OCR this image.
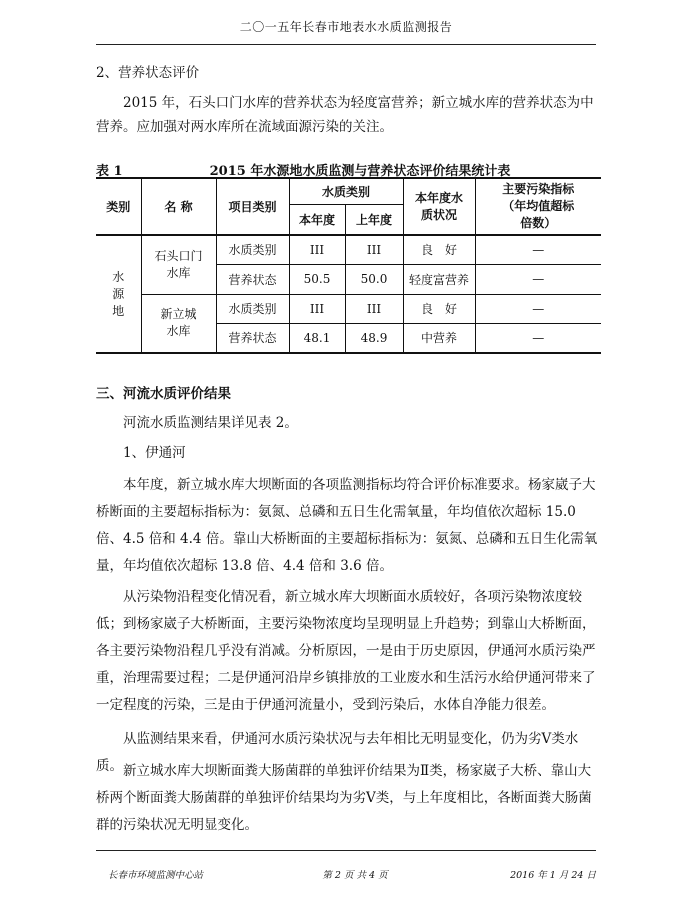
二〇一五年长春市地表水水质监测报告
2、营养状态评价
2015 年，石头口门水库的营养状态为轻度富营养；新立城水库的营养状态为中营养。应加强对两水库所在流域面源污染的关注。
表 1	2015 年水源地水质监测与营养状态评价结果统计表
类别	名 称	项目类别	水质类别		本年度水质状况	主要污染指标（年均值超标倍数）
			本年度	上年度		
水源地	石头口门水库	水质类别	III	III	良　好	—
		营养状态	50.5	50.0	轻度富营养	—
	新立城水库	水质类别	III	III	良　好	—
		营养状态	48.1	48.9	中营养	—
三、河流水质评价结果
河流水质监测结果详见表 2。
1、伊通河
本年度，新立城水库大坝断面的各项监测指标均符合评价标准要求。杨家崴子大桥断面的主要超标指标为：氨氮、总磷和五日生化需氧量，年均值依次超标 15.0 倍、4.5 倍和 4.4 倍。靠山大桥断面的主要超标指标为：氨氮、总磷和五日生化需氧量，年均值依次超标 13.8 倍、4.4 倍和 3.6 倍。
从污染物沿程变化情况看，新立城水库大坝断面水质较好，各项污染物浓度较低；到杨家崴子大桥断面，主要污染物浓度均呈现明显上升趋势；到靠山大桥断面，各主要污染物沿程几乎没有消减。分析原因，一是由于历史原因，伊通河水质污染严重，治理需要过程；二是伊通河沿岸乡镇排放的工业废水和生活污水给伊通河带来了一定程度的污染，三是由于伊通河流量小，受到污染后，水体自净能力很差。
从监测结果来看，伊通河水质污染状况与去年相比无明显变化，仍为劣Ⅴ类水质。 新立城水库大坝断面粪大肠菌群的单独评价结果为Ⅱ类，杨家崴子大桥、靠山大桥两个断面粪大肠菌群的单独评价结果均为劣Ⅴ类，与上年度相比，各断面粪大肠菌群的污染状况无明显变化。
长春市环境监测中心站	第 2 页 共 4 页	2016 年 1 月 24 日
